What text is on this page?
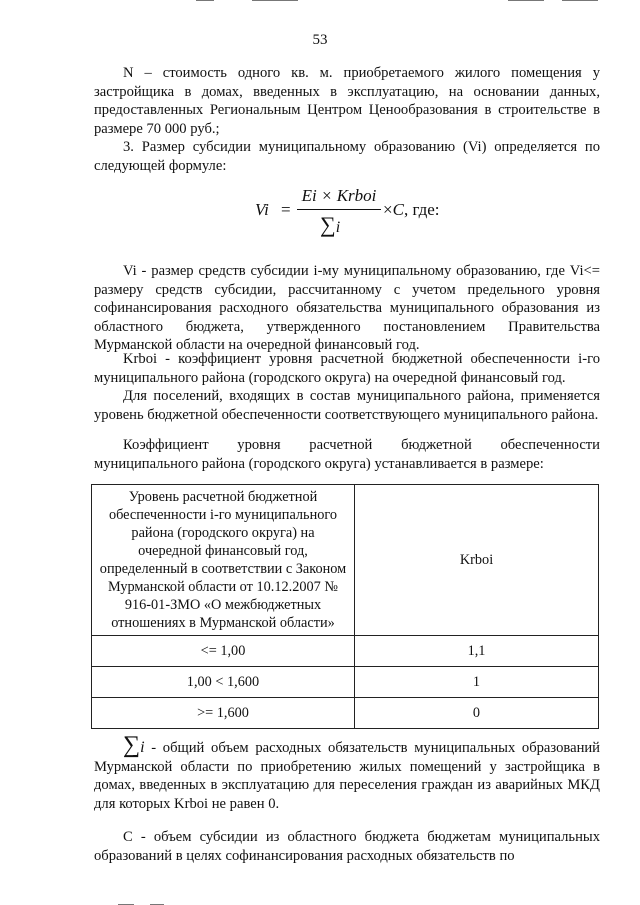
53

N – стоимость одного кв. м. приобретаемого жилого помещения у застройщика в домах, введенных в эксплуатацию, на основании данных, предоставленных Региональным Центром Ценообразования в строительстве в размере 70 000 руб.;

3. Размер субсидии муниципальному образованию (Vi) определяется по следующей формуле:

Vi =
Ei × Krboi
∑i
×C, где:

Vi - размер средств субсидии i-му муниципальному образованию, где Vi<= размеру средств субсидии, рассчитанному с учетом предельного уровня софинансирования расходного обязательства муниципального образования из областного бюджета, утвержденного постановлением Правительства Мурманской области на очередной финансовый год.

Krboi - коэффициент уровня расчетной бюджетной обеспеченности i-го муниципального района (городского округа) на очередной финансовый год.

Для поселений, входящих в состав муниципального района, применяется уровень бюджетной обеспеченности соответствующего муниципального района.

Коэффициент уровня расчетной бюджетной обеспеченности муниципального района (городского округа) устанавливается в размере:

Уровень расчетной бюджетной обеспеченности i-го муниципального района (городского округа) на очередной финансовый год, определенный в соответствии с Законом Мурманской области от 10.12.2007 № 916-01-ЗМО «О межбюджетных отношениях в Мурманской области»	Krboi
<= 1,00	1,1
1,00 < 1,600	1
>= 1,600	0

∑i - общий объем расходных обязательств муниципальных образований Мурманской области по приобретению жилых помещений у застройщика в домах, введенных в эксплуатацию для переселения граждан из аварийных МКД для которых Krboi не равен 0.

С - объем субсидии из областного бюджета бюджетам муниципальных образований в целях софинансирования расходных обязательств по
